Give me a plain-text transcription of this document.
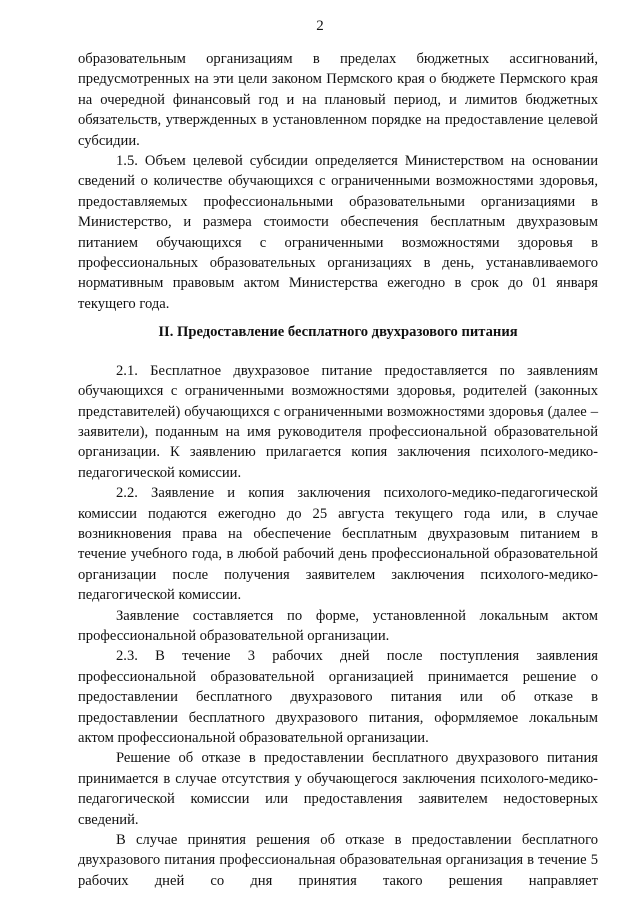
2

образовательным организациям в пределах бюджетных ассигнований, предусмотренных на эти цели законом Пермского края о бюджете Пермского края на очередной финансовый год и на плановый период, и лимитов бюджетных обязательств, утвержденных в установленном порядке на предоставление целевой субсидии.

1.5. Объем целевой субсидии определяется Министерством на основании сведений о количестве обучающихся с ограниченными возможностями здоровья, предоставляемых профессиональными образовательными организациями в Министерство, и размера стоимости обеспечения бесплатным двухразовым питанием обучающихся с ограниченными возможностями здоровья в профессиональных образовательных организациях в день, устанавливаемого нормативным правовым актом Министерства ежегодно в срок до 01 января текущего года.

II. Предоставление бесплатного двухразового питания

2.1. Бесплатное двухразовое питание предоставляется по заявлениям обучающихся с ограниченными возможностями здоровья, родителей (законных представителей) обучающихся с ограниченными возможностями здоровья (далее – заявители), поданным на имя руководителя профессиональной образовательной организации. К заявлению прилагается копия заключения психолого-медико-педагогической комиссии.

2.2. Заявление и копия заключения психолого-медико-педагогической комиссии подаются ежегодно до 25 августа текущего года или, в случае возникновения права на обеспечение бесплатным двухразовым питанием в течение учебного года, в любой рабочий день профессиональной образовательной организации после получения заявителем заключения психолого-медико-педагогической комиссии.

Заявление составляется по форме, установленной локальным актом профессиональной образовательной организации.

2.3. В течение 3 рабочих дней после поступления заявления профессиональной образовательной организацией принимается решение о предоставлении бесплатного двухразового питания или об отказе в предоставлении бесплатного двухразового питания, оформляемое локальным актом профессиональной образовательной организации.

Решение об отказе в предоставлении бесплатного двухразового питания принимается в случае отсутствия у обучающегося заключения психолого-медико-педагогической комиссии или предоставления заявителем недостоверных сведений.

В случае принятия решения об отказе в предоставлении бесплатного двухразового питания профессиональная образовательная организация в течение 5 рабочих дней со дня принятия такого решения направляет
